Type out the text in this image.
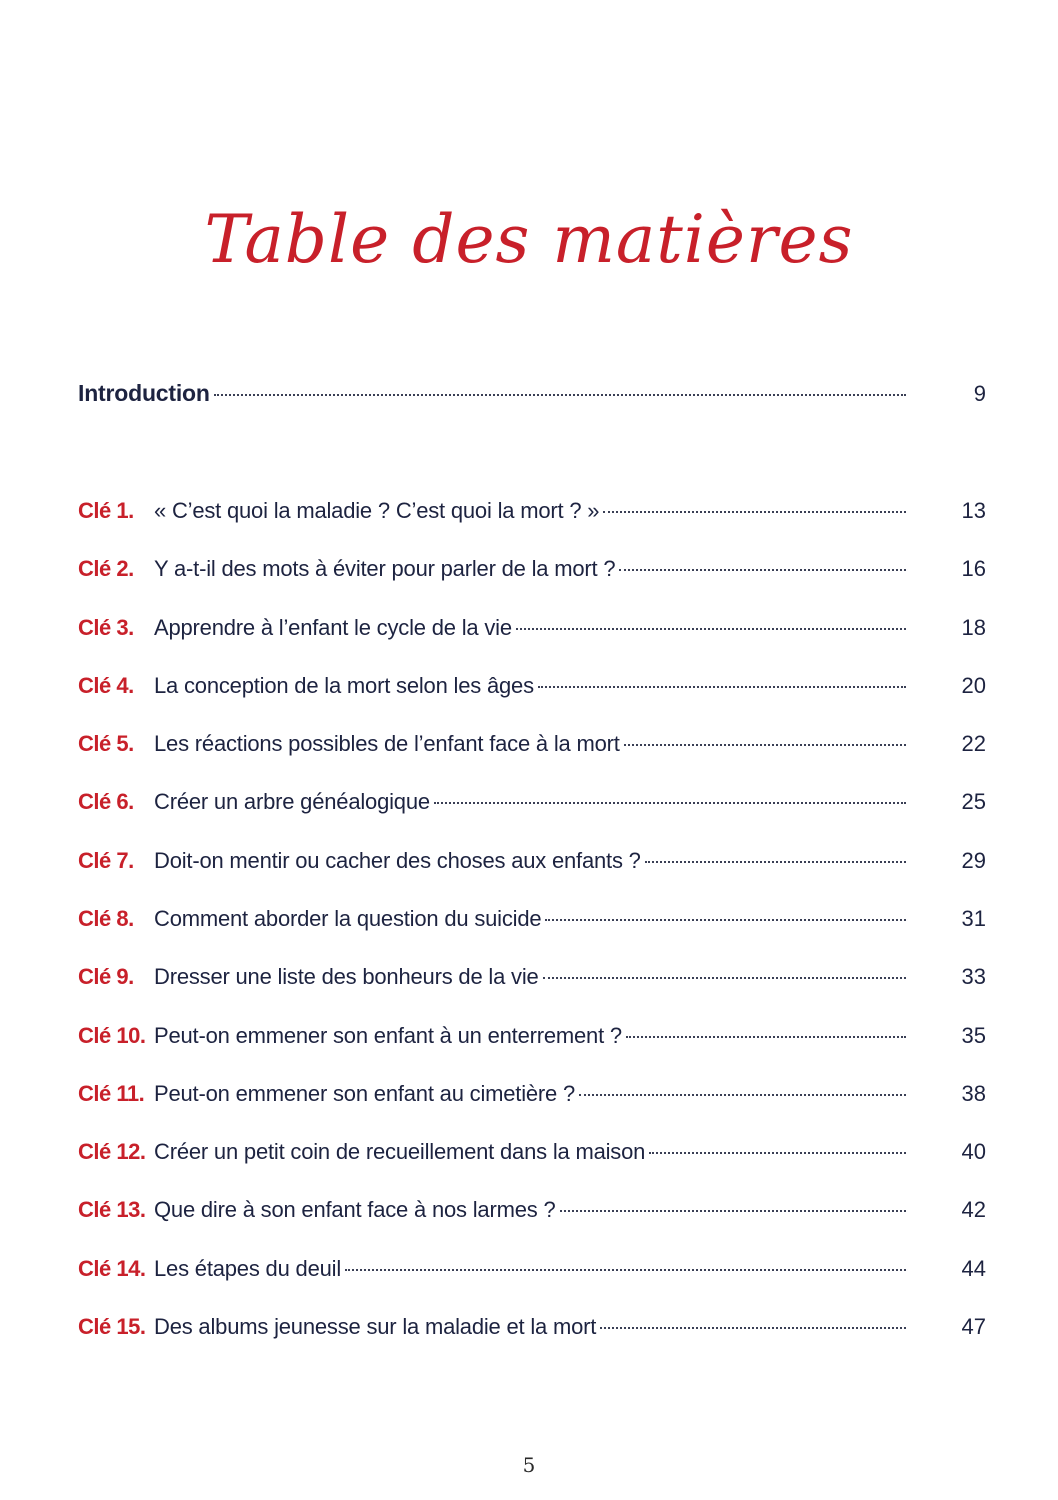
Table des matières
Introduction	9
Clé 1. « C’est quoi la maladie ? C’est quoi la mort ? »	13
Clé 2. Y a-t-il des mots à éviter pour parler de la mort ?	16
Clé 3. Apprendre à l’enfant le cycle de la vie	18
Clé 4. La conception de la mort selon les âges	20
Clé 5. Les réactions possibles de l’enfant face à la mort	22
Clé 6. Créer un arbre généalogique	25
Clé 7. Doit-on mentir ou cacher des choses aux enfants ?	29
Clé 8. Comment aborder la question du suicide	31
Clé 9. Dresser une liste des bonheurs de la vie	33
Clé 10. Peut-on emmener son enfant à un enterrement ?	35
Clé 11. Peut-on emmener son enfant au cimetière ?	38
Clé 12. Créer un petit coin de recueillement dans la maison	40
Clé 13. Que dire à son enfant face à nos larmes ?	42
Clé 14. Les étapes du deuil	44
Clé 15. Des albums jeunesse sur la maladie et la mort	47
5
